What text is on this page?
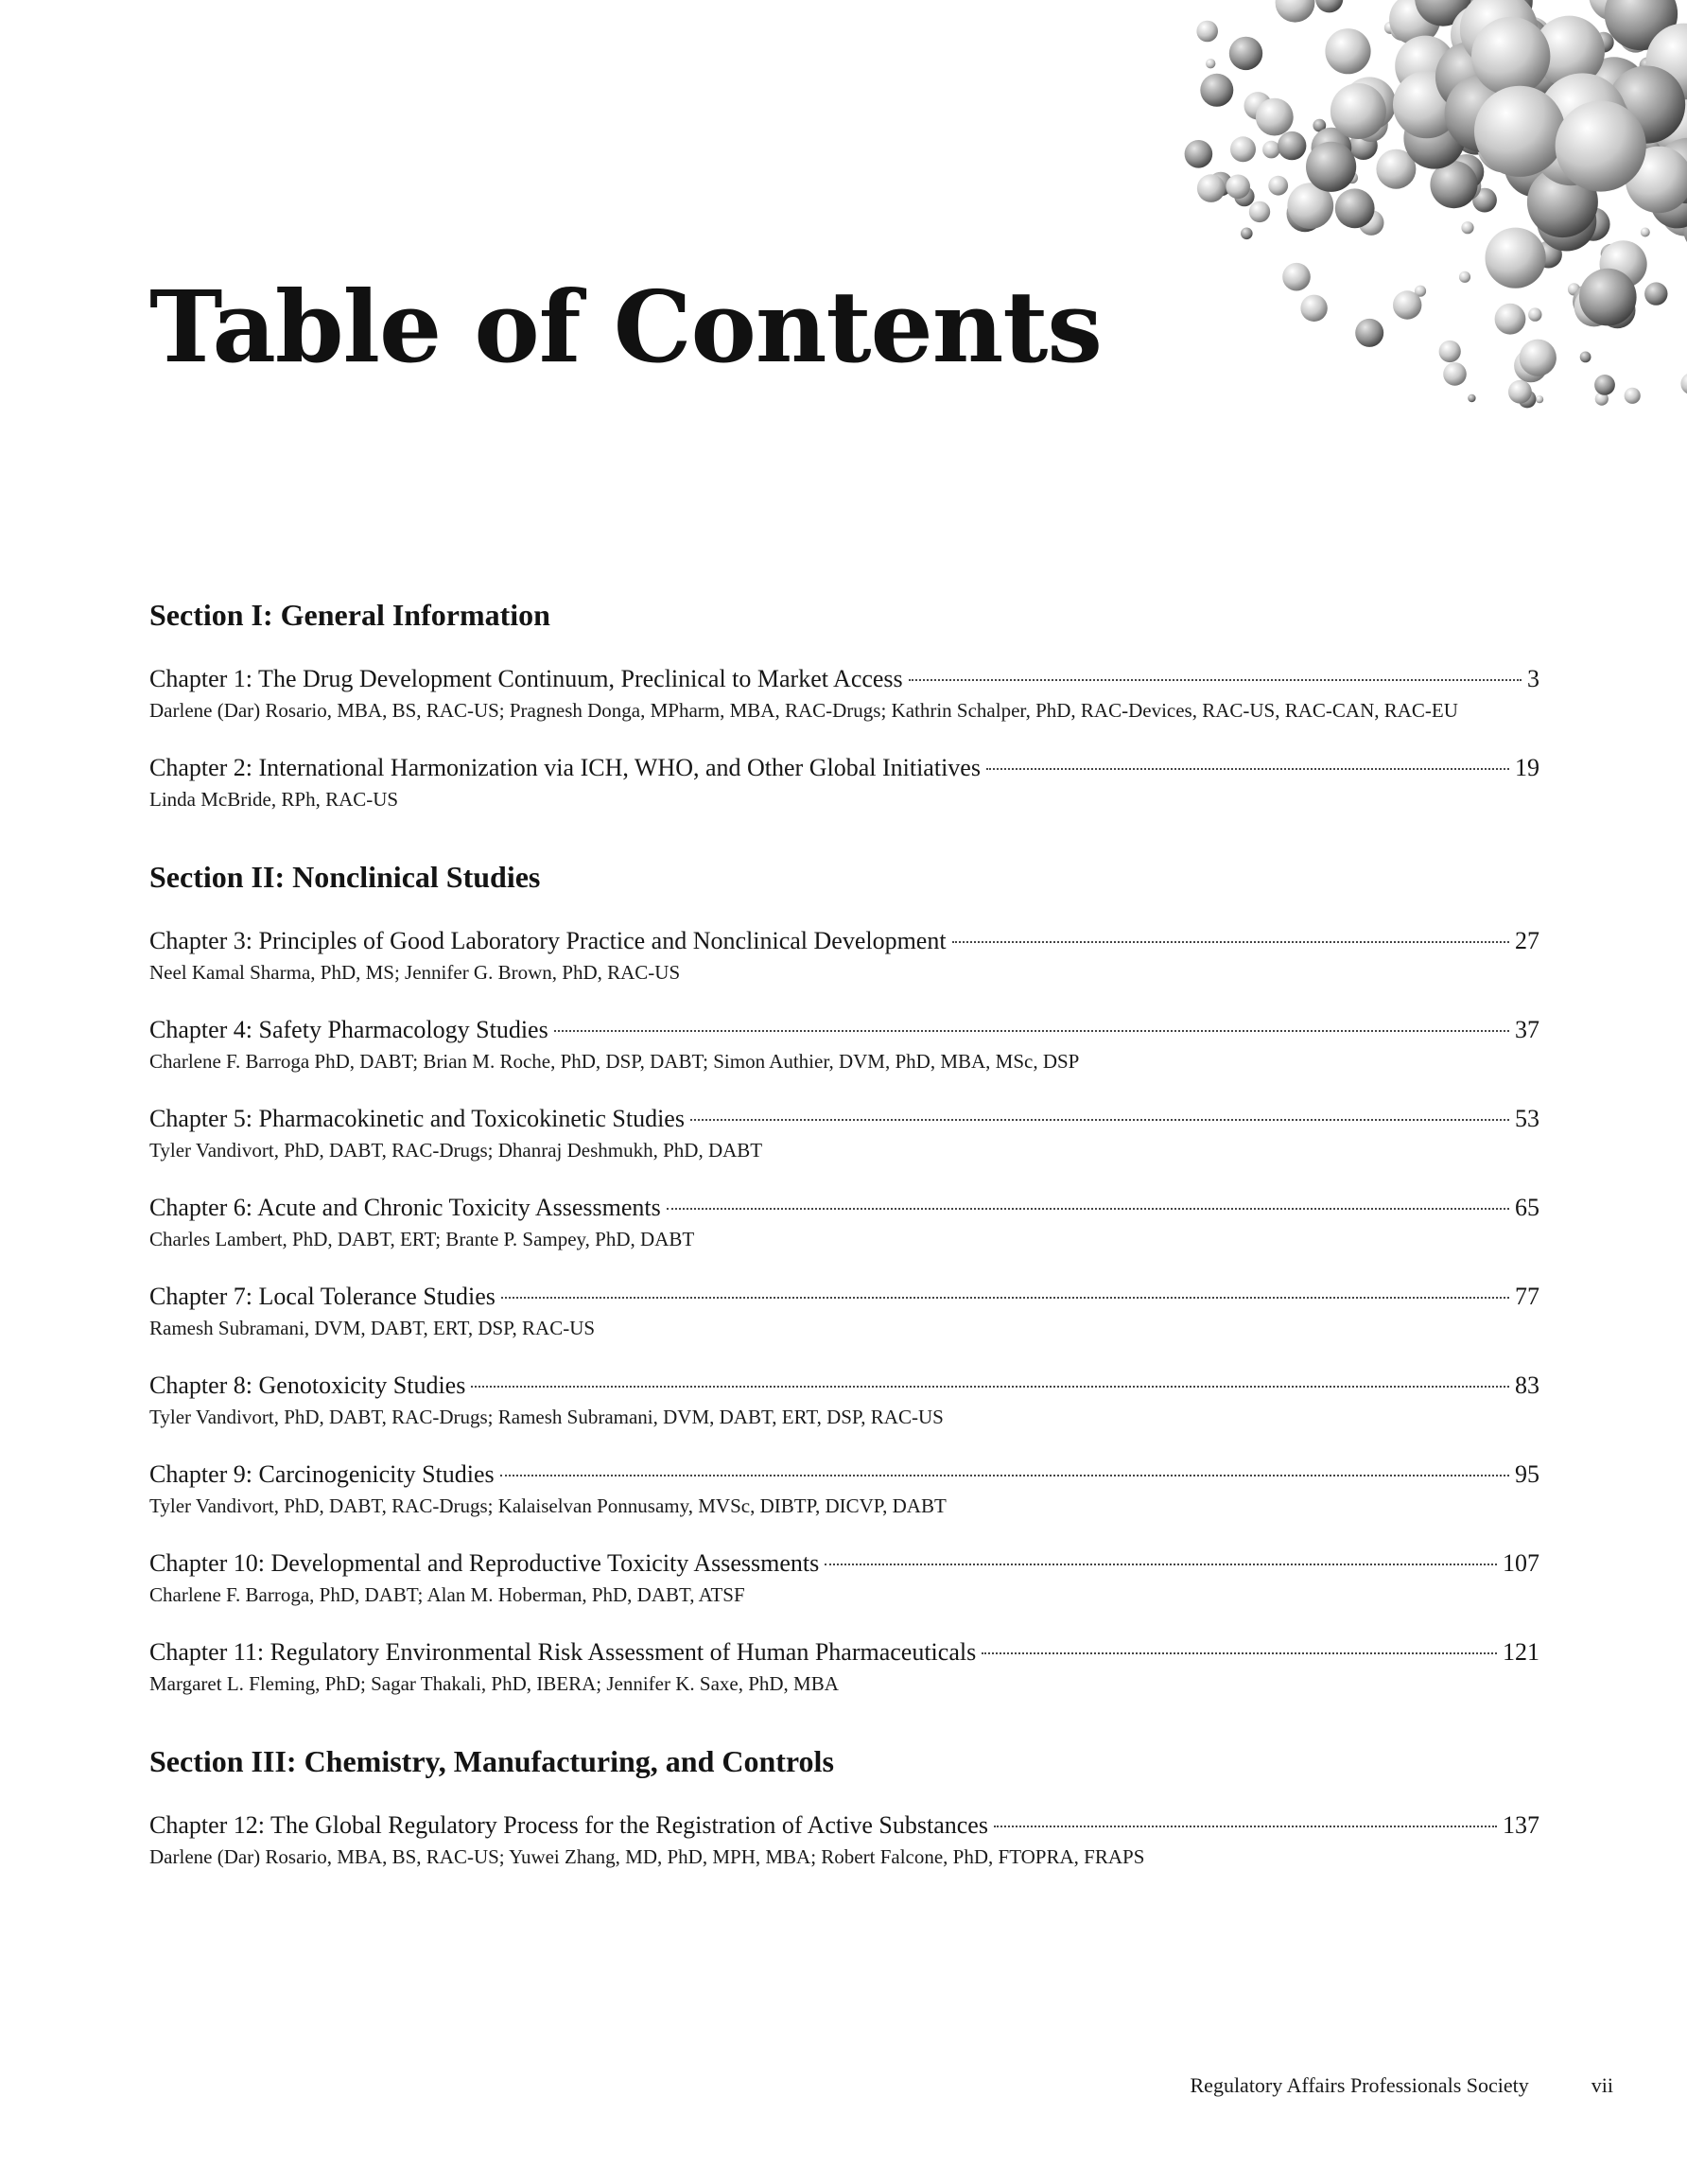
Table of Contents
Section I: General Information
Chapter 1: The Drug Development Continuum, Preclinical to Market Access	3
Darlene (Dar) Rosario, MBA, BS, RAC-US; Pragnesh Donga, MPharm, MBA, RAC-Drugs; Kathrin Schalper, PhD, RAC-Devices, RAC-US, RAC-CAN, RAC-EU
Chapter 2: International Harmonization via ICH, WHO, and Other Global Initiatives	19
Linda McBride, RPh, RAC-US
Section II: Nonclinical Studies
Chapter 3: Principles of Good Laboratory Practice and Nonclinical Development	27
Neel Kamal Sharma, PhD, MS; Jennifer G. Brown, PhD, RAC-US
Chapter 4: Safety Pharmacology Studies	37
Charlene F. Barroga PhD, DABT; Brian M. Roche, PhD, DSP, DABT; Simon Authier, DVM, PhD, MBA, MSc, DSP
Chapter 5: Pharmacokinetic and Toxicokinetic Studies	53
Tyler Vandivort, PhD, DABT, RAC-Drugs; Dhanraj Deshmukh, PhD, DABT
Chapter 6: Acute and Chronic Toxicity Assessments	65
Charles Lambert, PhD, DABT, ERT; Brante P. Sampey, PhD, DABT
Chapter 7: Local Tolerance Studies	77
Ramesh Subramani, DVM, DABT, ERT, DSP, RAC-US
Chapter 8: Genotoxicity Studies	83
Tyler Vandivort, PhD, DABT, RAC-Drugs; Ramesh Subramani, DVM, DABT, ERT, DSP, RAC-US
Chapter 9: Carcinogenicity Studies	95
Tyler Vandivort, PhD, DABT, RAC-Drugs; Kalaiselvan Ponnusamy, MVSc, DIBTP, DICVP, DABT
Chapter 10: Developmental and Reproductive Toxicity Assessments	107
Charlene F. Barroga, PhD, DABT; Alan M. Hoberman, PhD, DABT, ATSF
Chapter 11: Regulatory Environmental Risk Assessment of Human Pharmaceuticals	121
Margaret L. Fleming, PhD; Sagar Thakali, PhD, IBERA; Jennifer K. Saxe, PhD, MBA
Section III: Chemistry, Manufacturing, and Controls
Chapter 12: The Global Regulatory Process for the Registration of Active Substances	137
Darlene (Dar) Rosario, MBA, BS, RAC-US; Yuwei Zhang, MD, PhD, MPH, MBA; Robert Falcone, PhD, FTOPRA, FRAPS
Regulatory Affairs Professionals Society	vii
